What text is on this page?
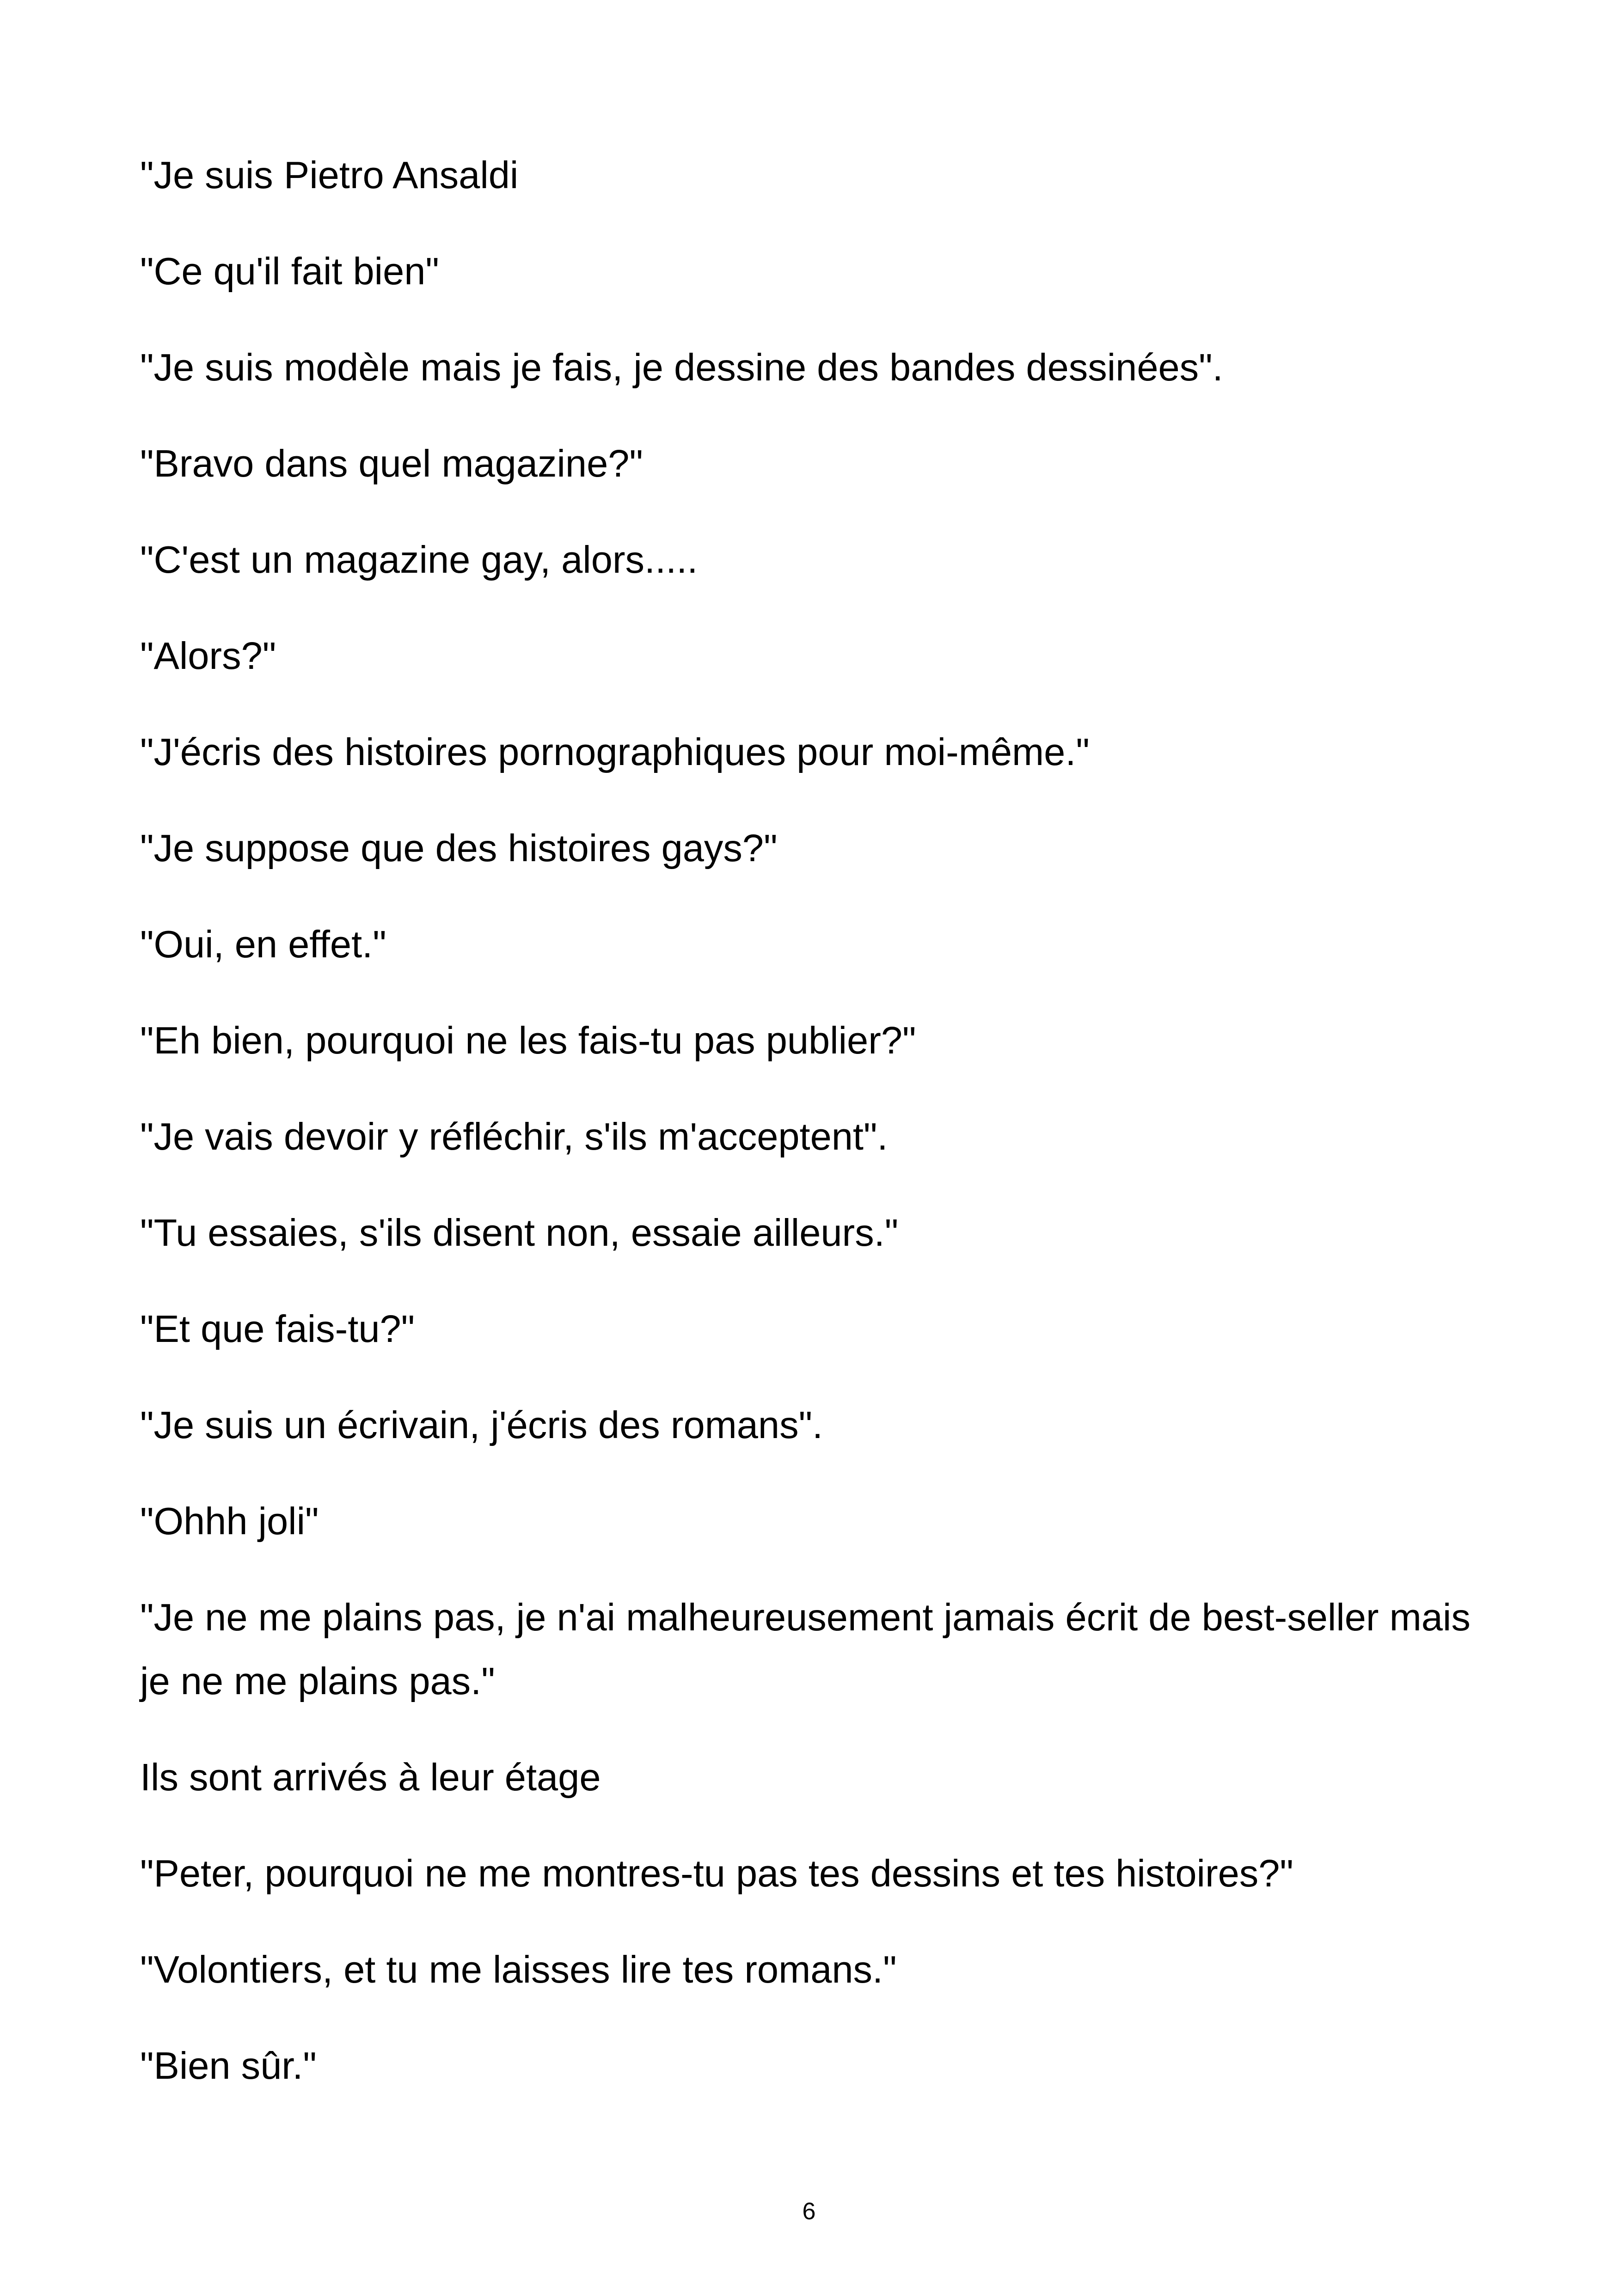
"Je suis Pietro Ansaldi

"Ce qu'il fait bien"

"Je suis modèle mais je fais, je dessine des bandes dessinées".

"Bravo dans quel magazine?"

"C'est un magazine gay, alors.....

"Alors?"

"J'écris des histoires pornographiques pour moi-même."

"Je suppose que des histoires gays?"

"Oui, en effet."

"Eh bien, pourquoi ne les fais-tu pas publier?"

"Je vais devoir y réfléchir, s'ils m'acceptent".

"Tu essaies, s'ils disent non, essaie ailleurs."

"Et que fais-tu?"

"Je suis un écrivain, j'écris des romans".

"Ohhh joli"

"Je ne me plains pas, je n'ai malheureusement jamais écrit de best-seller mais je ne me plains pas."

Ils sont arrivés à leur étage

"Peter, pourquoi ne me montres-tu pas tes dessins et tes histoires?"

"Volontiers, et tu me laisses lire tes romans."

"Bien sûr."

6
